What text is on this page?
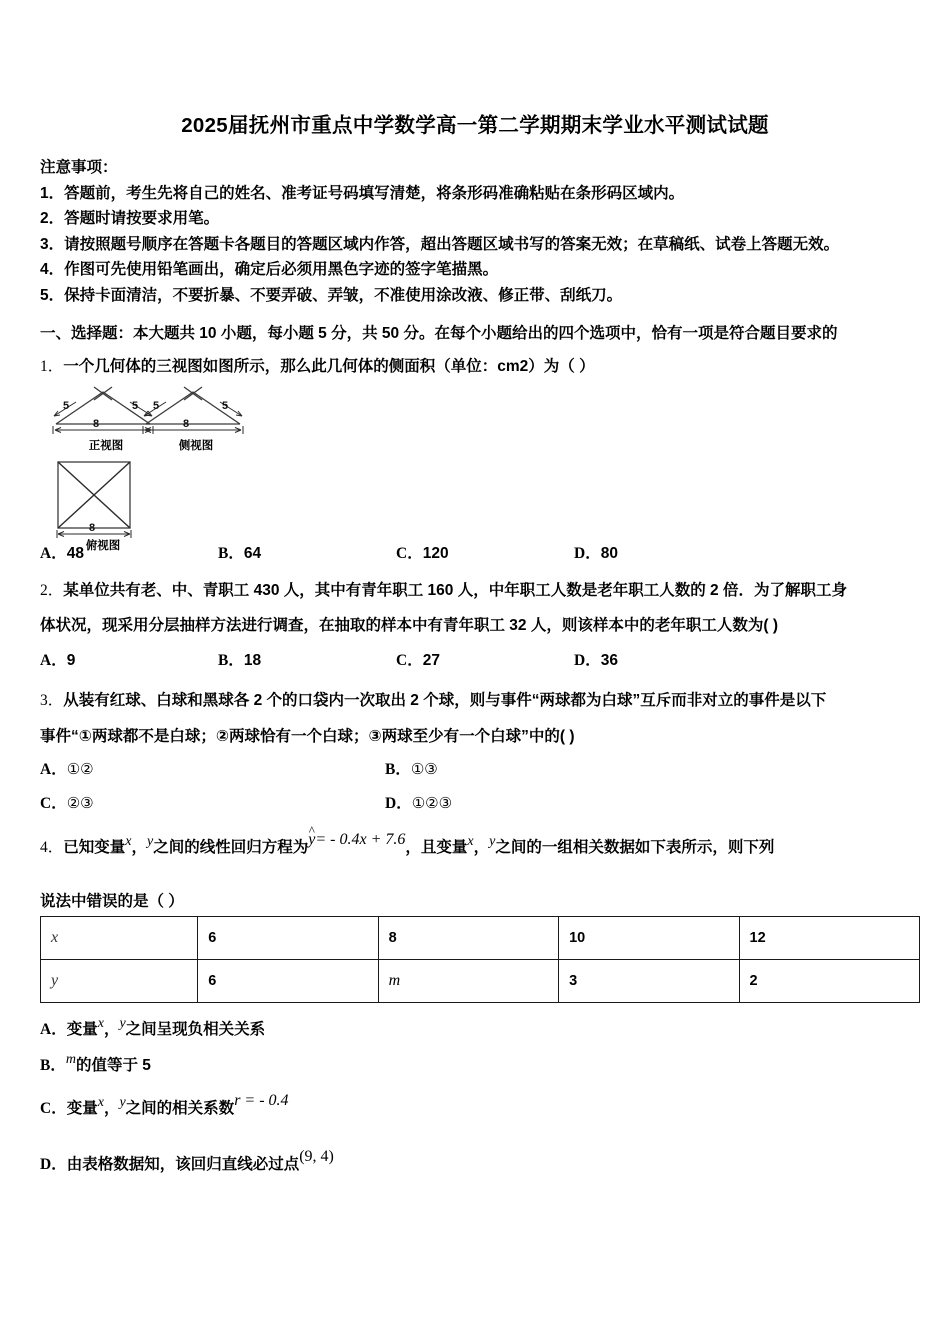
2025届抚州市重点中学数学高一第二学期期末学业水平测试试题
注意事项：
1．答题前，考生先将自己的姓名、准考证号码填写清楚，将条形码准确粘贴在条形码区域内。
2．答题时请按要求用笔。
3．请按照题号顺序在答题卡各题目的答题区域内作答，超出答题区域书写的答案无效；在草稿纸、试卷上答题无效。
4．作图可先使用铅笔画出，确定后必须用黑色字迹的签字笔描黑。
5．保持卡面清洁，不要折暴、不要弄破、弄皱，不准使用涂改液、修正带、刮纸刀。
一、选择题：本大题共 10 小题，每小题 5 分，共 50 分。在每个小题给出的四个选项中，恰有一项是符合题目要求的
1．一个几何体的三视图如图所示，那么此几何体的侧面积（单位：cm2）为（ ）
8
5	5
正视图
8
5	5
侧视图
8
俯视图
A．48	B．64	C．120	D．80
2．某单位共有老、中、青职工 430 人，其中有青年职工 160 人，中年职工人数是老年职工人数的 2 倍．为了解职工身
体状况，现采用分层抽样方法进行调查，在抽取的样本中有青年职工 32 人，则该样本中的老年职工人数为( )
A．9	B．18	C．27	D．36
3．从装有红球、白球和黑球各 2 个的口袋内一次取出 2 个球，则与事件“两球都为白球”互斥而非对立的事件是以下
事件“①两球都不是白球；②两球恰有一个白球；③两球至少有一个白球”中的( )
A．①②	B．①③
C．②③	D．①②③
4．已知变量x，y之间的线性回归方程为y ^= - 0.4x + 7.6，且变量x，y之间的一组相关数据如下表所示，则下列
说法中错误的是（ ）
x	6	8	10	12
y	6	m	3	2
A．变量x，y之间呈现负相关关系
B．m的值等于 5
C．变量x，y之间的相关系数r = - 0.4
D．由表格数据知，该回归直线必过点(9, 4)
